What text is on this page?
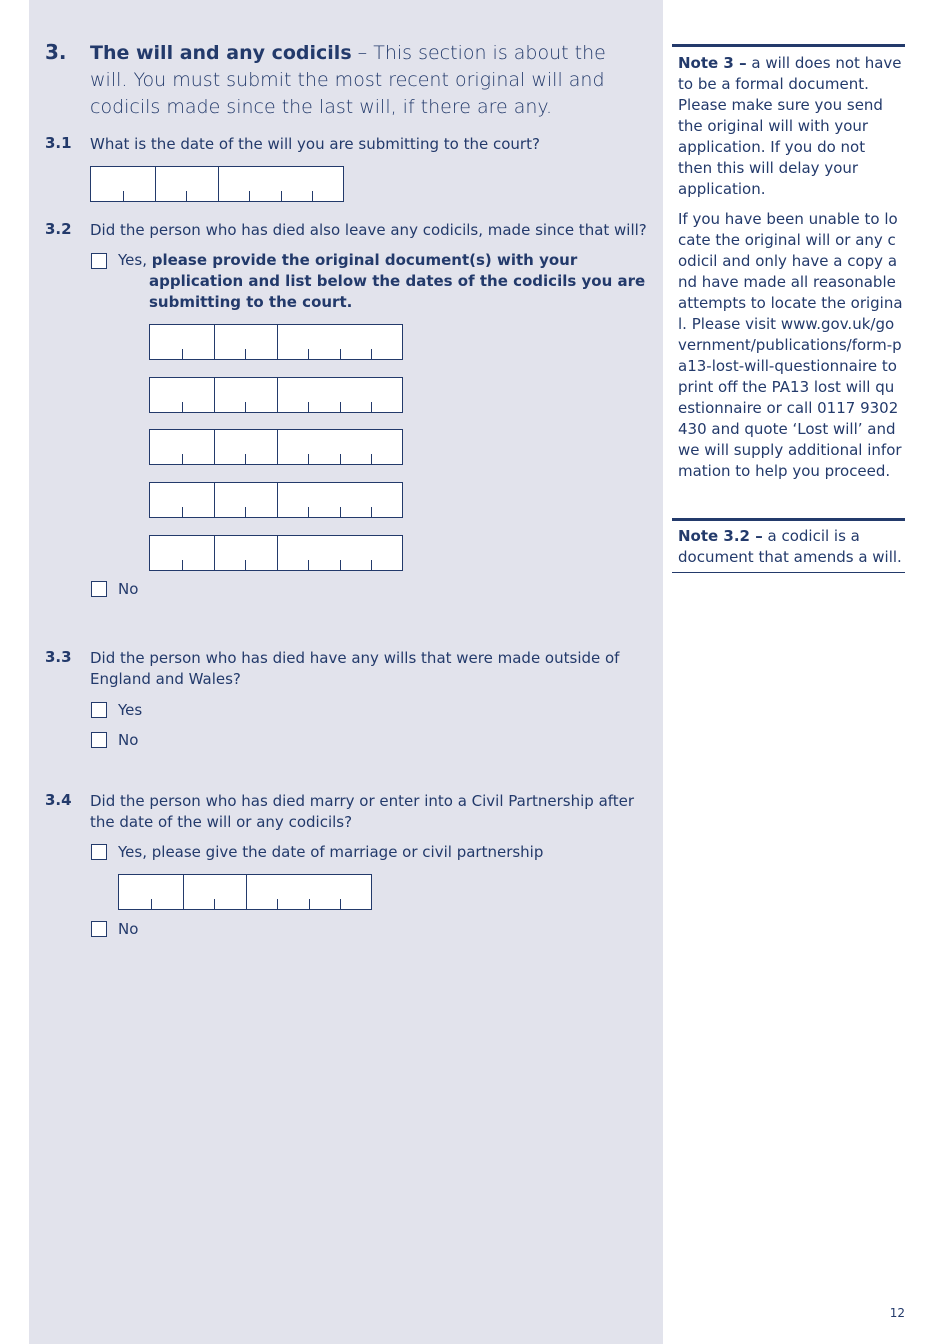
3. The will and any codicils – This section is about the will. You must submit the most recent original will and codicils made since the last will, if there are any.
3.1 What is the date of the will you are submitting to the court?
3.2 Did the person who has died also leave any codicils, made since that will?
Yes, please provide the original document(s) with your application and list below the dates of the codicils you are submitting to the court.
No
3.3 Did the person who has died have any wills that were made outside of England and Wales?
Yes
No
3.4 Did the person who has died marry or enter into a Civil Partnership after the date of the will or any codicils?
Yes, please give the date of marriage or civil partnership
No
Note 3 – a will does not have to be a formal document. Please make sure you send the original will with your application. If you do not then this will delay your application.
If you have been unable to locate the original will or any codicil and only have a copy and have made all reasonable attempts to locate the original. Please visit www.gov.uk/government/publications/form-pa13-lost-will-questionnaire to print off the PA13 lost will questionnaire or call 0117 9302430 and quote ‘Lost will’ and we will supply additional information to help you proceed.
Note 3.2 – a codicil is a document that amends a will.
12
